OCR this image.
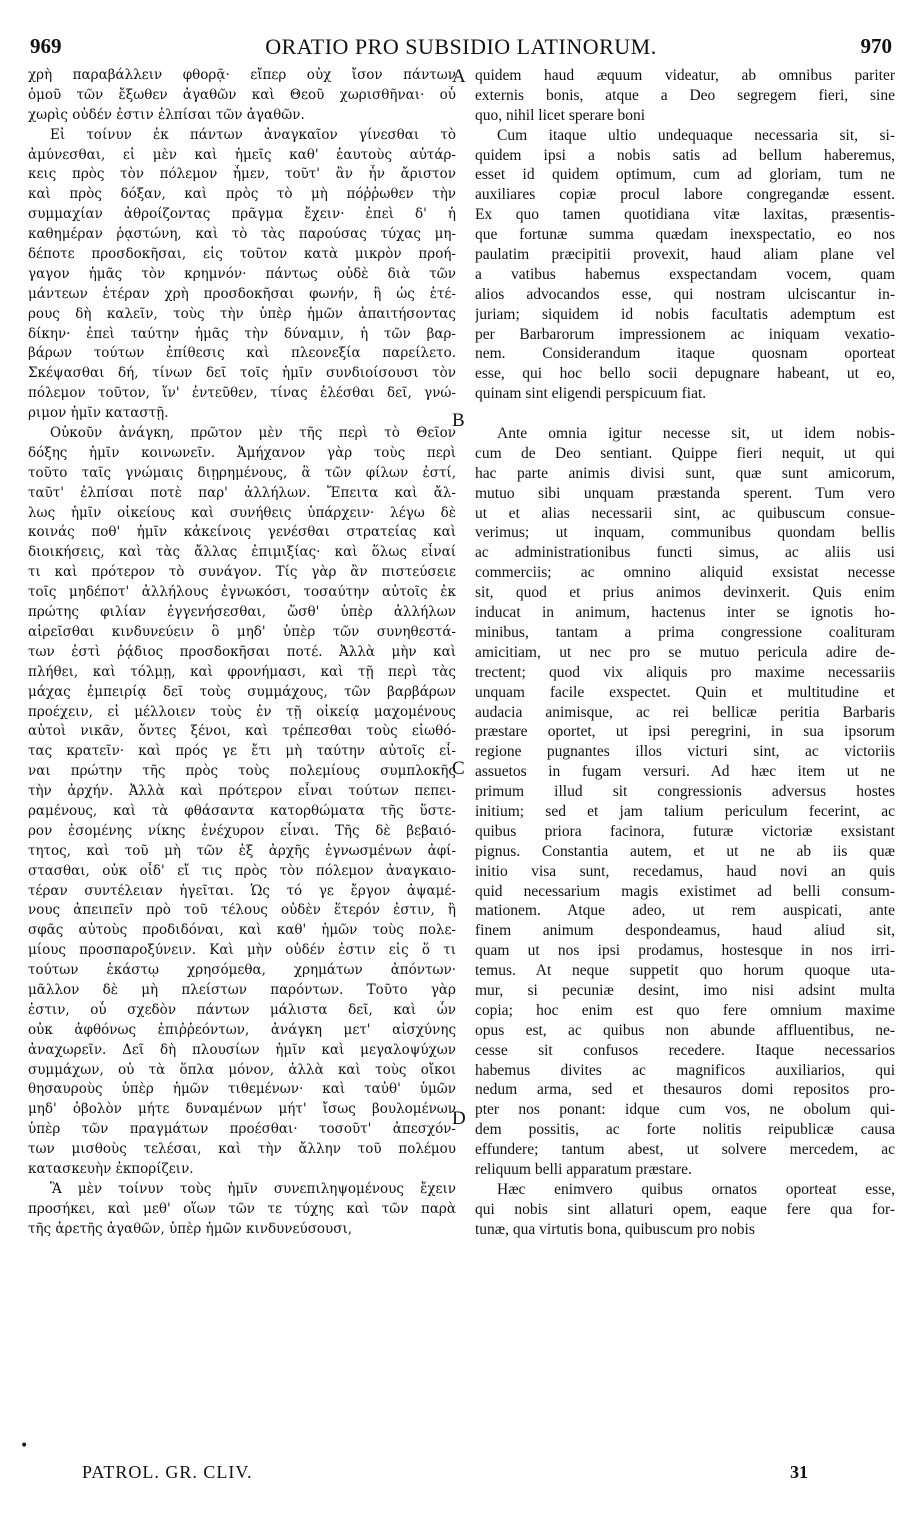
969	ORATIO PRO SUBSIDIO LATINORUM.	970
χρὴ παραβάλλειν φθορᾷ· εἴπερ οὐχ ἴσον πάντων
ὁμοῦ τῶν ἔξωθεν ἀγαθῶν καὶ Θεοῦ χωρισθῆναι· οὗ
χωρὶς οὐδέν ἐστιν ἐλπίσαι τῶν ἀγαθῶν.
Εἰ τοίνυν ἐκ πάντων ἀναγκαῖον γίνεσθαι τὸ
ἀμύνεσθαι, εἰ μὲν καὶ ἡμεῖς καθ' ἑαυτοὺς αὐτάρ-
κεις πρὸς τὸν πόλεμον ἦμεν, τοῦτ' ἂν ἦν ἄριστον
καὶ πρὸς δόξαν, καὶ πρὸς τὸ μὴ πόῤῥωθεν τὴν
συμμαχίαν ἀθροίζοντας πρᾶγμα ἔχειν· ἐπεὶ δ' ἡ
καθημέραν ῥᾳστώνη, καὶ τὸ τὰς παρούσας τύχας μη-
δέποτε προσδοκῆσαι, εἰς τοῦτον κατὰ μικρὸν προή-
γαγον ἡμᾶς τὸν κρημνόν· πάντως οὐδὲ διὰ τῶν
μάντεων ἑτέραν χρὴ προσδοκῆσαι φωνήν, ἢ ὡς ἑτέ-
ρους δὴ καλεῖν, τοὺς τὴν ὑπὲρ ἡμῶν ἀπαιτήσοντας
δίκην· ἐπεὶ ταύτην ἡμᾶς τὴν δύναμιν, ἡ τῶν βαρ-
βάρων τούτων ἐπίθεσις καὶ πλεονεξία παρείλετο.
Σκέψασθαι δή, τίνων δεῖ τοῖς ἡμῖν συνδιοίσουσι τὸν
πόλεμον τοῦτον, ἵν' ἐντεῦθεν, τίνας ἑλέσθαι δεῖ, γνώ-
ριμον ἡμῖν καταστῇ.
Οὐκοῦν ἀνάγκη, πρῶτον μὲν τῆς περὶ τὸ Θεῖον
δόξης ἡμῖν κοινωνεῖν. Ἀμήχανον γὰρ τοὺς περὶ
τοῦτο ταῖς γνώμαις διῃρημένους, ἃ τῶν φίλων ἐστί,
ταῦτ' ἐλπίσαι ποτὲ παρ' ἀλλήλων. Ἔπειτα καὶ ἄλ-
λως ἡμῖν οἰκείους καὶ συνήθεις ὑπάρχειν· λέγω δὲ
κοινάς ποθ' ἡμῖν κἀκείνοις γενέσθαι στρατείας καὶ
διοικήσεις, καὶ τὰς ἄλλας ἐπιμιξίας· καὶ ὅλως εἶναί
τι καὶ πρότερον τὸ συνάγον. Τίς γὰρ ἂν πιστεύσειε
τοῖς μηδέποτ' ἀλλήλους ἐγνωκόσι, τοσαύτην αὐτοῖς ἐκ
πρώτης φιλίαν ἐγγενήσεσθαι, ὥσθ' ὑπὲρ ἀλλήλων
αἱρεῖσθαι κινδυνεύειν ὃ μηδ' ὑπὲρ τῶν συνηθεστά-
των ἐστὶ ῥᾴδιος προσδοκῆσαι ποτέ. Ἀλλὰ μὴν καὶ
πλήθει, καὶ τόλμῃ, καὶ φρονήμασι, καὶ τῇ περὶ τὰς
μάχας ἐμπειρίᾳ δεῖ τοὺς συμμάχους, τῶν βαρβάρων
προέχειν, εἰ μέλλοιεν τοὺς ἐν τῇ οἰκείᾳ μαχομένους
αὐτοὶ νικᾶν, ὄντες ξένοι, καὶ τρέπεσθαι τοὺς εἰωθό-
τας κρατεῖν· καὶ πρός γε ἔτι μὴ ταύτην αὐτοῖς εἶ-
ναι πρώτην τῆς πρὸς τοὺς πολεμίους συμπλοκῆς
τὴν ἀρχήν. Ἀλλὰ καὶ πρότερον εἶναι τούτων πεπει-
ραμένους, καὶ τὰ φθάσαντα κατορθώματα τῆς ὕστε-
ρον ἐσομένης νίκης ἐνέχυρον εἶναι. Τῆς δὲ βεβαιό-
τητος, καὶ τοῦ μὴ τῶν ἐξ ἀρχῆς ἐγνωσμένων ἀφί-
στασθαι, οὐκ οἶδ' εἴ τις πρὸς τὸν πόλεμον ἀναγκαιο-
τέραν συντέλειαν ἡγεῖται. Ὡς τό γε ἔργον ἀψαμέ-
νους ἀπειπεῖν πρὸ τοῦ τέλους οὐδὲν ἕτερόν ἐστιν, ἢ
σφᾶς αὐτοὺς προδιδόναι, καὶ καθ' ἡμῶν τοὺς πολε-
μίους προσπαροξύνειν. Καὶ μὴν οὐδέν ἐστιν εἰς ὅ τι
τούτων ἑκάστῳ χρησόμεθα, χρημάτων ἀπόντων·
μᾶλλον δὲ μὴ πλείστων παρόντων. Τοῦτο γὰρ
ἐστιν, οὗ σχεδὸν πάντων μάλιστα δεῖ, καὶ ὧν
οὐκ ἀφθόνως ἐπιῤῥεόντων, ἀνάγκη μετ' αἰσχύνης
ἀναχωρεῖν. Δεῖ δὴ πλουσίων ἡμῖν καὶ μεγαλοψύχων
συμμάχων, οὐ τὰ ὅπλα μόνον, ἀλλὰ καὶ τοὺς οἴκοι
θησαυροὺς ὑπὲρ ἡμῶν τιθεμένων· καὶ ταὐθ' ὑμῶν
μηδ' ὀβολὸν μήτε δυναμένων μήτ' ἴσως βουλομένων
ὑπὲρ τῶν πραγμάτων προέσθαι· τοσοῦτ' ἀπεσχόν-
των μισθοὺς τελέσαι, καὶ τὴν ἄλλην τοῦ πολέμου
κατασκευὴν ἐκπορίζειν.
Ἃ μὲν τοίνυν τοὺς ἡμῖν συνεπιληψομένους ἔχειν
προσήκει, καὶ μεθ' οἵων τῶν τε τύχης καὶ τῶν παρὰ
τῆς ἀρετῆς ἀγαθῶν, ὑπὲρ ἡμῶν κινδυνεύσουσι,
quidem haud æquum videatur, ab omnibus pariter
externis bonis, atque a Deo segregem fieri, sine
quo, nihil licet sperare boni
Cum itaque ultio undequaque necessaria sit, si-
quidem ipsi a nobis satis ad bellum haberemus,
esset id quidem optimum, cum ad gloriam, tum ne
auxiliares copiæ procul labore congregandæ essent.
Ex quo tamen quotidiana vitæ laxitas, præsentis-
que fortunæ summa quædam inexspectatio, eo nos
paulatim præcipitii provexit, haud aliam plane vel
a vatibus habemus exspectandam vocem, quam
alios advocandos esse, qui nostram ulciscantur in-
juriam; siquidem id nobis facultatis ademptum est
per Barbarorum impressionem ac iniquam vexatio-
nem. Considerandum itaque quosnam oporteat
esse, qui hoc bello socii depugnare habeant, ut eo,
quinam sint eligendi perspicuum fiat.
Ante omnia igitur necesse sit, ut idem nobis-
cum de Deo sentiant. Quippe fieri nequit, ut qui
hac parte animis divisi sunt, quæ sunt amicorum,
mutuo sibi unquam præstanda sperent. Tum vero
ut et alias necessarii sint, ac quibuscum consue-
verimus; ut inquam, communibus quondam bellis
ac administrationibus functi simus, ac aliis usi
commerciis; ac omnino aliquid exsistat necesse
sit, quod et prius animos devinxerit. Quis enim
inducat in animum, hactenus inter se ignotis ho-
minibus, tantam a prima congressione coalituram
amicitiam, ut nec pro se mutuo pericula adire de-
trectent; quod vix aliquis pro maxime necessariis
unquam facile exspectet. Quin et multitudine et
audacia animisque, ac rei bellicæ peritia Barbaris
præstare oportet, ut ipsi peregrini, in sua ipsorum
regione pugnantes illos victuri sint, ac victoriis
assuetos in fugam versuri. Ad hæc item ut ne
primum illud sit congressionis adversus hostes
initium; sed et jam talium periculum fecerint, ac
quibus priora facinora, futuræ victoriæ exsistant
pignus. Constantia autem, et ut ne ab iis quæ
initio visa sunt, recedamus, haud novi an quis
quid necessarium magis existimet ad belli consum-
mationem. Atque adeo, ut rem auspicati, ante
finem animum despondeamus, haud aliud sit,
quam ut nos ipsi prodamus, hostesque in nos irri-
temus. At neque suppetit quo horum quoque uta-
mur, si pecuniæ desint, imo nisi adsint multa
copia; hoc enim est quo fere omnium maxime
opus est, ac quibus non abunde affluentibus, ne-
cesse sit confusos recedere. Itaque necessarios
habemus divites ac magnificos auxiliarios, qui
nedum arma, sed et thesauros domi repositos pro-
pter nos ponant: idque cum vos, ne obolum qui-
dem possitis, ac forte nolitis reipublicæ causa
effundere; tantum abest, ut solvere mercedem, ac
reliquum belli apparatum præstare.
Hæc enimvero quibus ornatos oporteat esse,
qui nobis sint allaturi opem, eaque fere qua for-
tunæ, qua virtutis bona, quibuscum pro nobis
A
B
C
D
•
PATROL. GR. CLIV.	31
